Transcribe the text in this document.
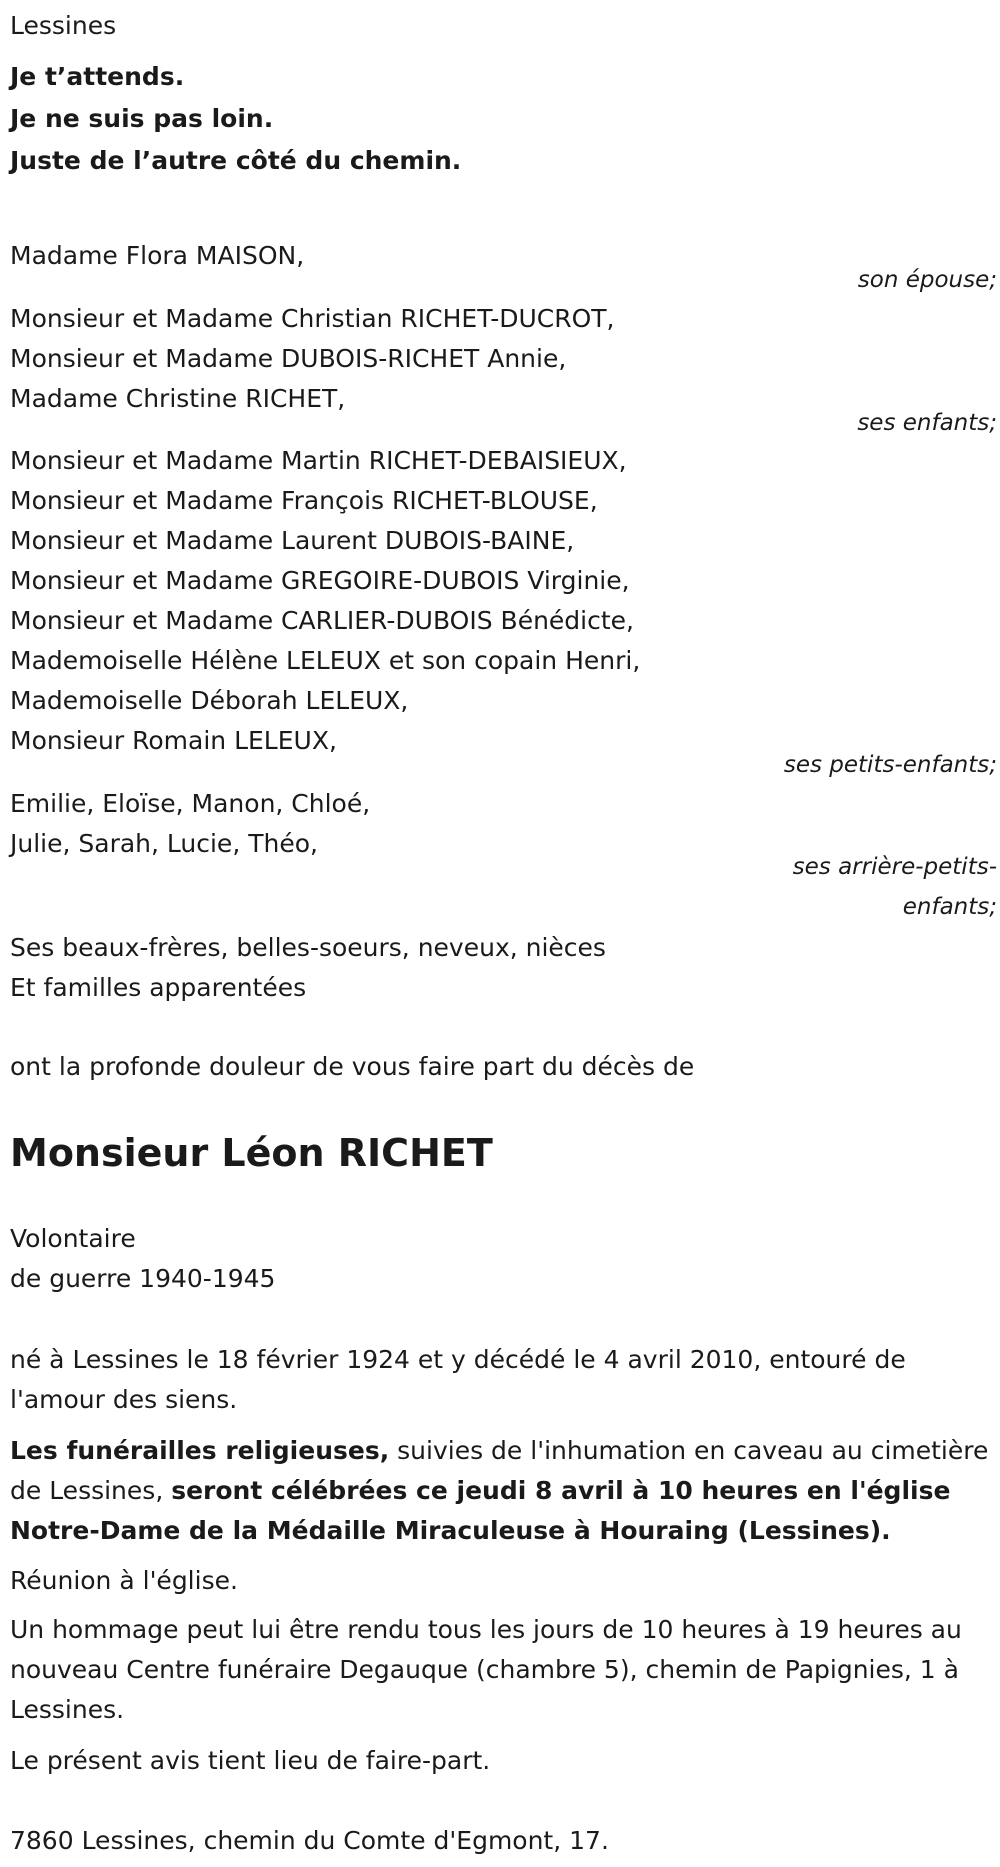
Lessines

Je t’attends.
Je ne suis pas loin.
Juste de l’autre côté du chemin.
Madame Flora MAISON,

son épouse;

Monsieur et Madame Christian RICHET-DUCROT,
Monsieur et Madame DUBOIS-RICHET Annie,
Madame Christine RICHET,

ses enfants;

Monsieur et Madame Martin RICHET-DEBAISIEUX,
Monsieur et Madame François RICHET-BLOUSE,
Monsieur et Madame Laurent DUBOIS-BAINE,
Monsieur et Madame GREGOIRE-DUBOIS Virginie,
Monsieur et Madame CARLIER-DUBOIS Bénédicte,
Mademoiselle Hélène LELEUX et son copain Henri,
Mademoiselle Déborah LELEUX,
Monsieur Romain LELEUX,

ses petits-enfants;

Emilie, Eloïse, Manon, Chloé,
Julie, Sarah, Lucie, Théo,
ses arrière-petits-
enfants;
Ses beaux-frères, belles-soeurs, neveux, nièces
Et familles apparentées

ont la profonde douleur de vous faire part du décès de

Monsieur Léon RICHET
Volontaire
de guerre 1940-1945

né à Lessines le 18 février 1924 et y décédé le 4 avril 2010, entouré de l'amour des siens.

Les funérailles religieuses, suivies de l'inhumation en caveau au cimetière de Lessines, seront célébrées ce jeudi 8 avril à 10 heures en l'église Notre-Dame de la Médaille Miraculeuse à Houraing (Lessines).

Réunion à l'église.

Un hommage peut lui être rendu tous les jours de 10 heures à 19 heures au nouveau Centre funéraire Degauque (chambre 5), chemin de Papignies, 1 à Lessines.

Le présent avis tient lieu de faire-part.

7860 Lessines, chemin du Comte d'Egmont, 17.
